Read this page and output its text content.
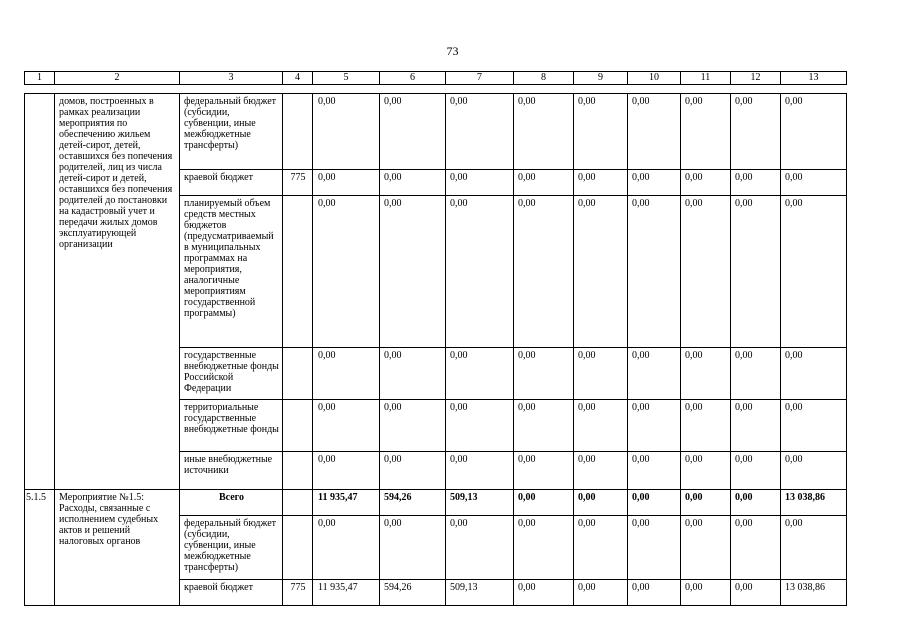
73
1	2	3	4	5	6	7	8	9	10	11	12	13
	домов, построенных в рамках реализации мероприятия по обеспечению жильем детей-сирот, детей, оставшихся без попечения родителей, лиц из числа детей-сирот и детей, оставшихся без попечения родителей до постановки на кадастровый учет и передачи жилых домов эксплуатирующей организации	федеральный бюджет (субсидии, субвенции, иные межбюджетные трансферты)		0,00	0,00	0,00	0,00	0,00	0,00	0,00	0,00	0,00
		краевой бюджет	775	0,00	0,00	0,00	0,00	0,00	0,00	0,00	0,00	0,00
		планируемый объем средств местных бюджетов (предусматриваемый в муниципальных программах на мероприятия, аналогичные мероприятиям государственной программы)		0,00	0,00	0,00	0,00	0,00	0,00	0,00	0,00	0,00
		государственные внебюджетные фонды Российской Федерации		0,00	0,00	0,00	0,00	0,00	0,00	0,00	0,00	0,00
		территориальные государственные внебюджетные фонды		0,00	0,00	0,00	0,00	0,00	0,00	0,00	0,00	0,00
		иные внебюджетные источники		0,00	0,00	0,00	0,00	0,00	0,00	0,00	0,00	0,00
5.1.5	Мероприятие №1.5: Расходы, связанные с исполнением судебных актов и решений налоговых органов	Всего		11 935,47	594,26	509,13	0,00	0,00	0,00	0,00	0,00	13 038,86
		федеральный бюджет (субсидии, субвенции, иные межбюджетные трансферты)		0,00	0,00	0,00	0,00	0,00	0,00	0,00	0,00	0,00
		краевой бюджет	775	11 935,47	594,26	509,13	0,00	0,00	0,00	0,00	0,00	13 038,86
